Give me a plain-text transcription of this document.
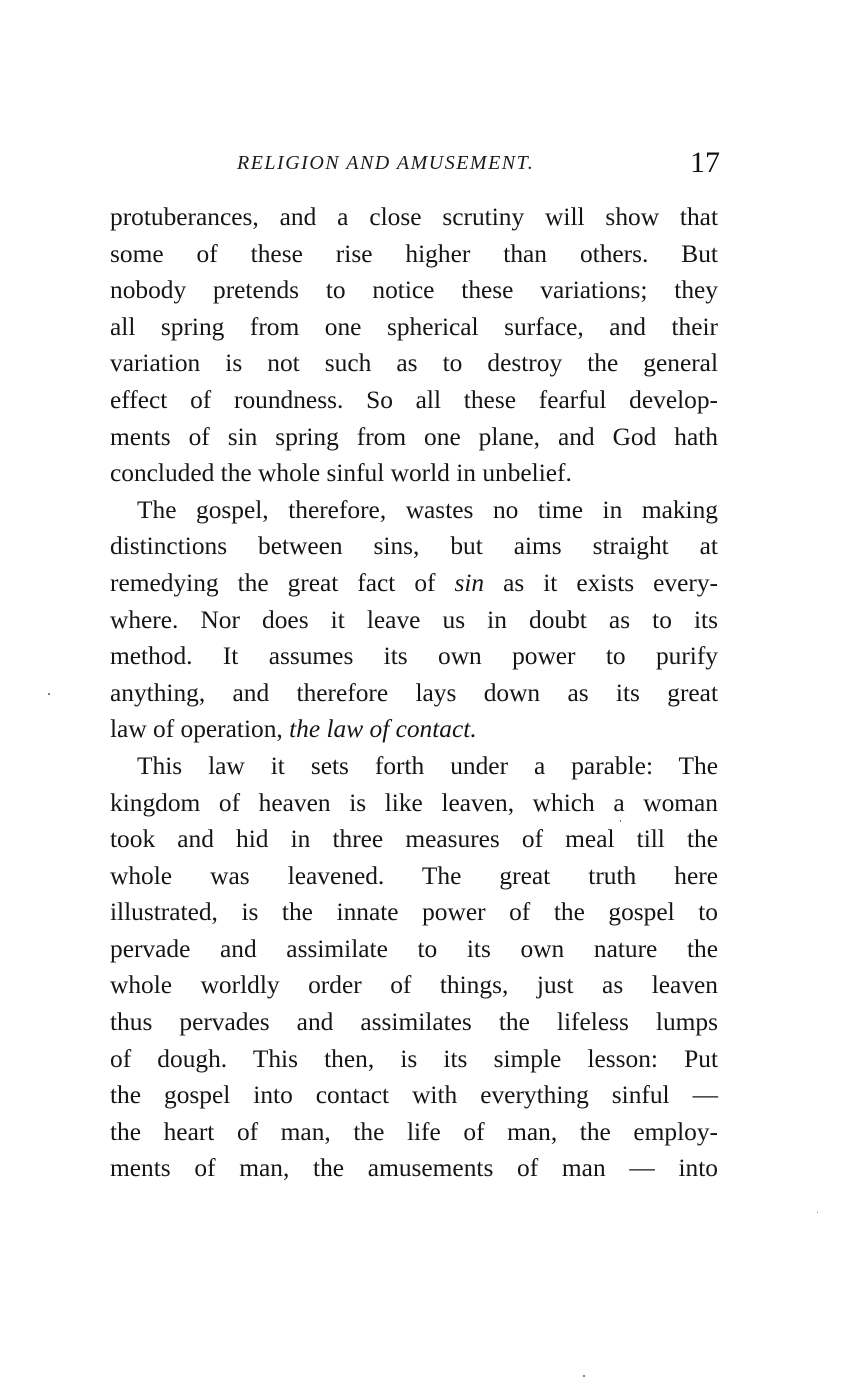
RELIGION AND AMUSEMENT.	17
protuberances, and a close scrutiny will show that
some of these rise higher than others. But
nobody pretends to notice these variations; they
all spring from one spherical surface, and their
variation is not such as to destroy the general
effect of roundness. So all these fearful develop-
ments of sin spring from one plane, and God hath
concluded the whole sinful world in unbelief.
The gospel, therefore, wastes no time in making
distinctions between sins, but aims straight at
remedying the great fact of sin as it exists every-
where. Nor does it leave us in doubt as to its
method. It assumes its own power to purify
anything, and therefore lays down as its great
law of operation, the law of contact.
This law it sets forth under a parable: The
kingdom of heaven is like leaven, which a woman
took and hid in three measures of meal till the
whole was leavened. The great truth here
illustrated, is the innate power of the gospel to
pervade and assimilate to its own nature the
whole worldly order of things, just as leaven
thus pervades and assimilates the lifeless lumps
of dough. This then, is its simple lesson: Put
the gospel into contact with everything sinful —
the heart of man, the life of man, the employ-
ments of man, the amusements of man — into
